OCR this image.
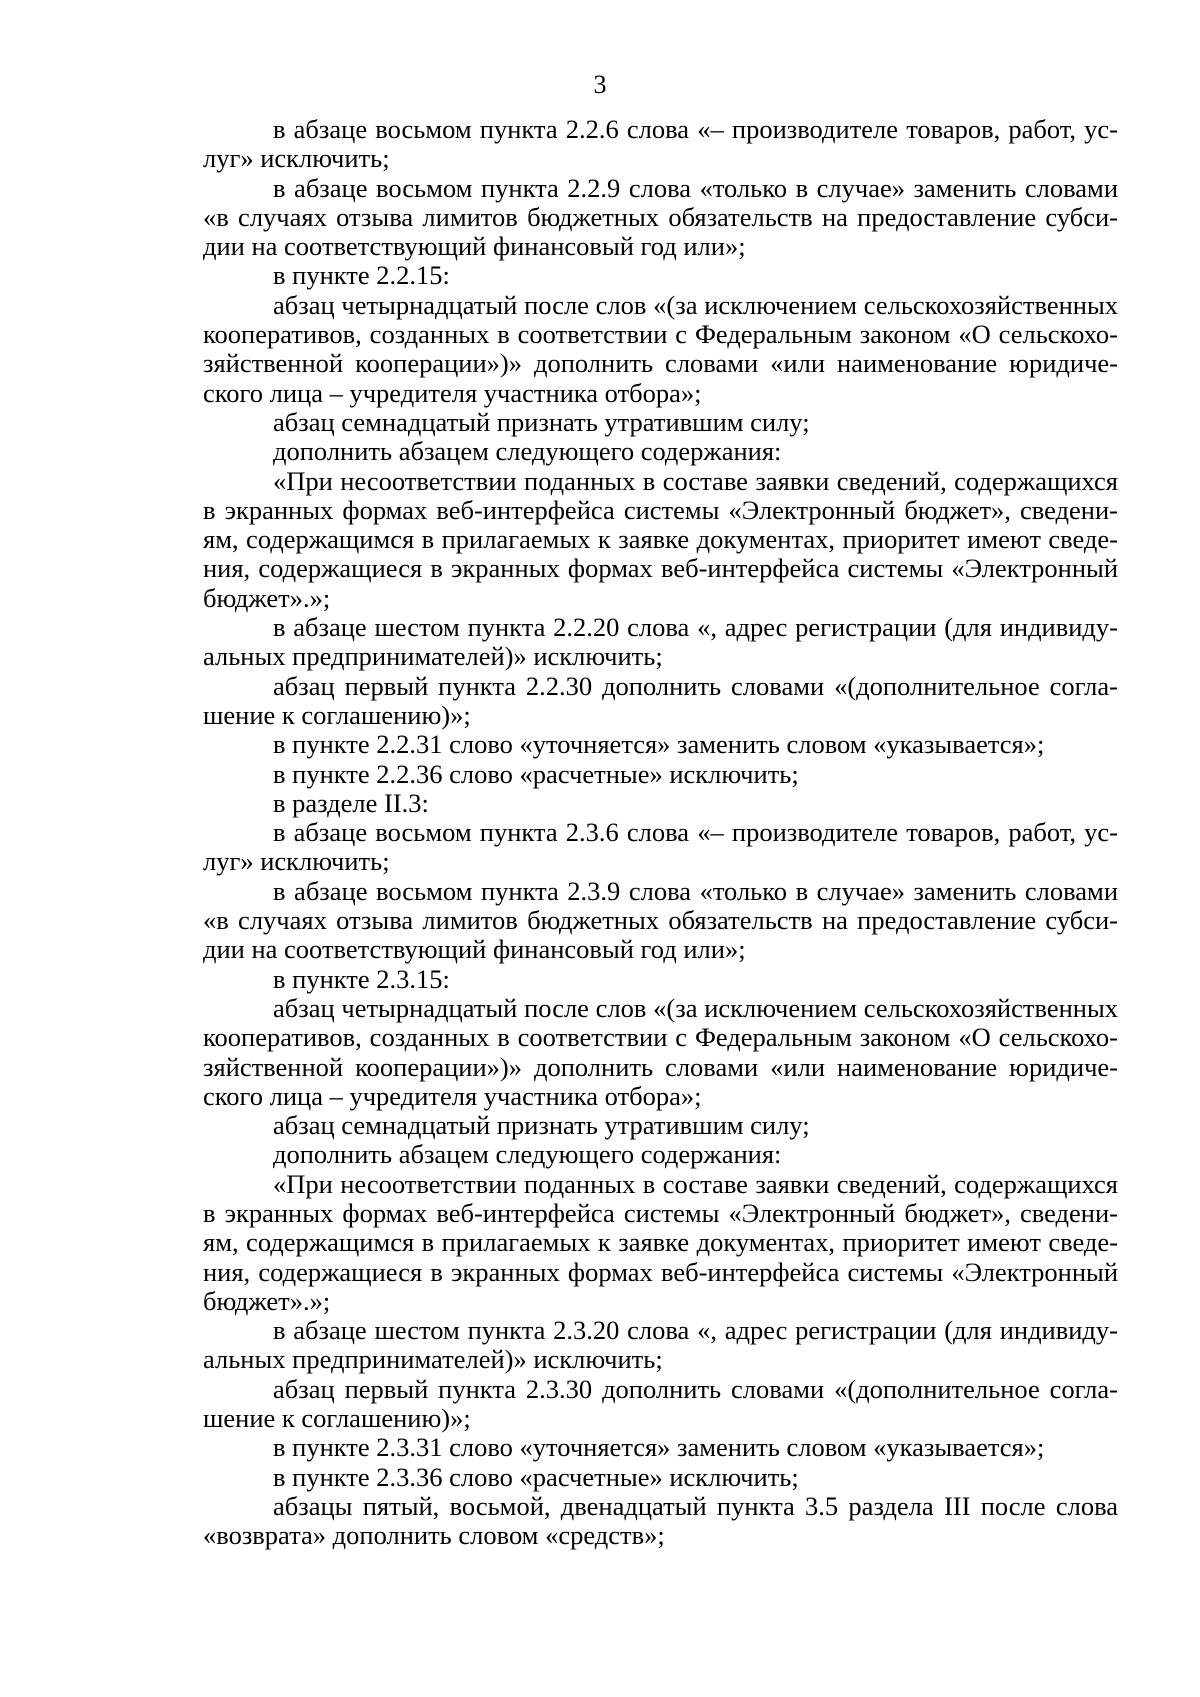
3

в абзаце восьмом пункта 2.2.6 слова «– производителе товаров, работ, услуг» исключить;

в абзаце восьмом пункта 2.2.9 слова «только в случае» заменить словами «в случаях отзыва лимитов бюджетных обязательств на предоставление субсидии на соответствующий финансовый год или»;

в пункте 2.2.15:

абзац четырнадцатый после слов «(за исключением сельскохозяйственных кооперативов, созданных в соответствии с Федеральным законом «О сельскохозяйственной кооперации»)» дополнить словами «или наименование юридического лица – учредителя участника отбора»;

абзац семнадцатый признать утратившим силу;

дополнить абзацем следующего содержания:

«При несоответствии поданных в составе заявки сведений, содержащихся в экранных формах веб-интерфейса системы «Электронный бюджет», сведениям, содержащимся в прилагаемых к заявке документах, приоритет имеют сведения, содержащиеся в экранных формах веб-интерфейса системы «Электронный бюджет».»;

в абзаце шестом пункта 2.2.20 слова «, адрес регистрации (для индивидуальных предпринимателей)» исключить;

абзац первый пункта 2.2.30 дополнить словами «(дополнительное соглашение к соглашению)»;

в пункте 2.2.31 слово «уточняется» заменить словом «указывается»;

в пункте 2.2.36 слово «расчетные» исключить;

в разделе II.3:

в абзаце восьмом пункта 2.3.6 слова «– производителе товаров, работ, услуг» исключить;

в абзаце восьмом пункта 2.3.9 слова «только в случае» заменить словами «в случаях отзыва лимитов бюджетных обязательств на предоставление субсидии на соответствующий финансовый год или»;

в пункте 2.3.15:

абзац четырнадцатый после слов «(за исключением сельскохозяйственных кооперативов, созданных в соответствии с Федеральным законом «О сельскохозяйственной кооперации»)» дополнить словами «или наименование юридического лица – учредителя участника отбора»;

абзац семнадцатый признать утратившим силу;

дополнить абзацем следующего содержания:

«При несоответствии поданных в составе заявки сведений, содержащихся в экранных формах веб-интерфейса системы «Электронный бюджет», сведениям, содержащимся в прилагаемых к заявке документах, приоритет имеют сведения, содержащиеся в экранных формах веб-интерфейса системы «Электронный бюджет».»;

в абзаце шестом пункта 2.3.20 слова «, адрес регистрации (для индивидуальных предпринимателей)» исключить;

абзац первый пункта 2.3.30 дополнить словами «(дополнительное соглашение к соглашению)»;

в пункте 2.3.31 слово «уточняется» заменить словом «указывается»;

в пункте 2.3.36 слово «расчетные» исключить;

абзацы пятый, восьмой, двенадцатый пункта 3.5 раздела III после слова «возврата» дополнить словом «средств»;
